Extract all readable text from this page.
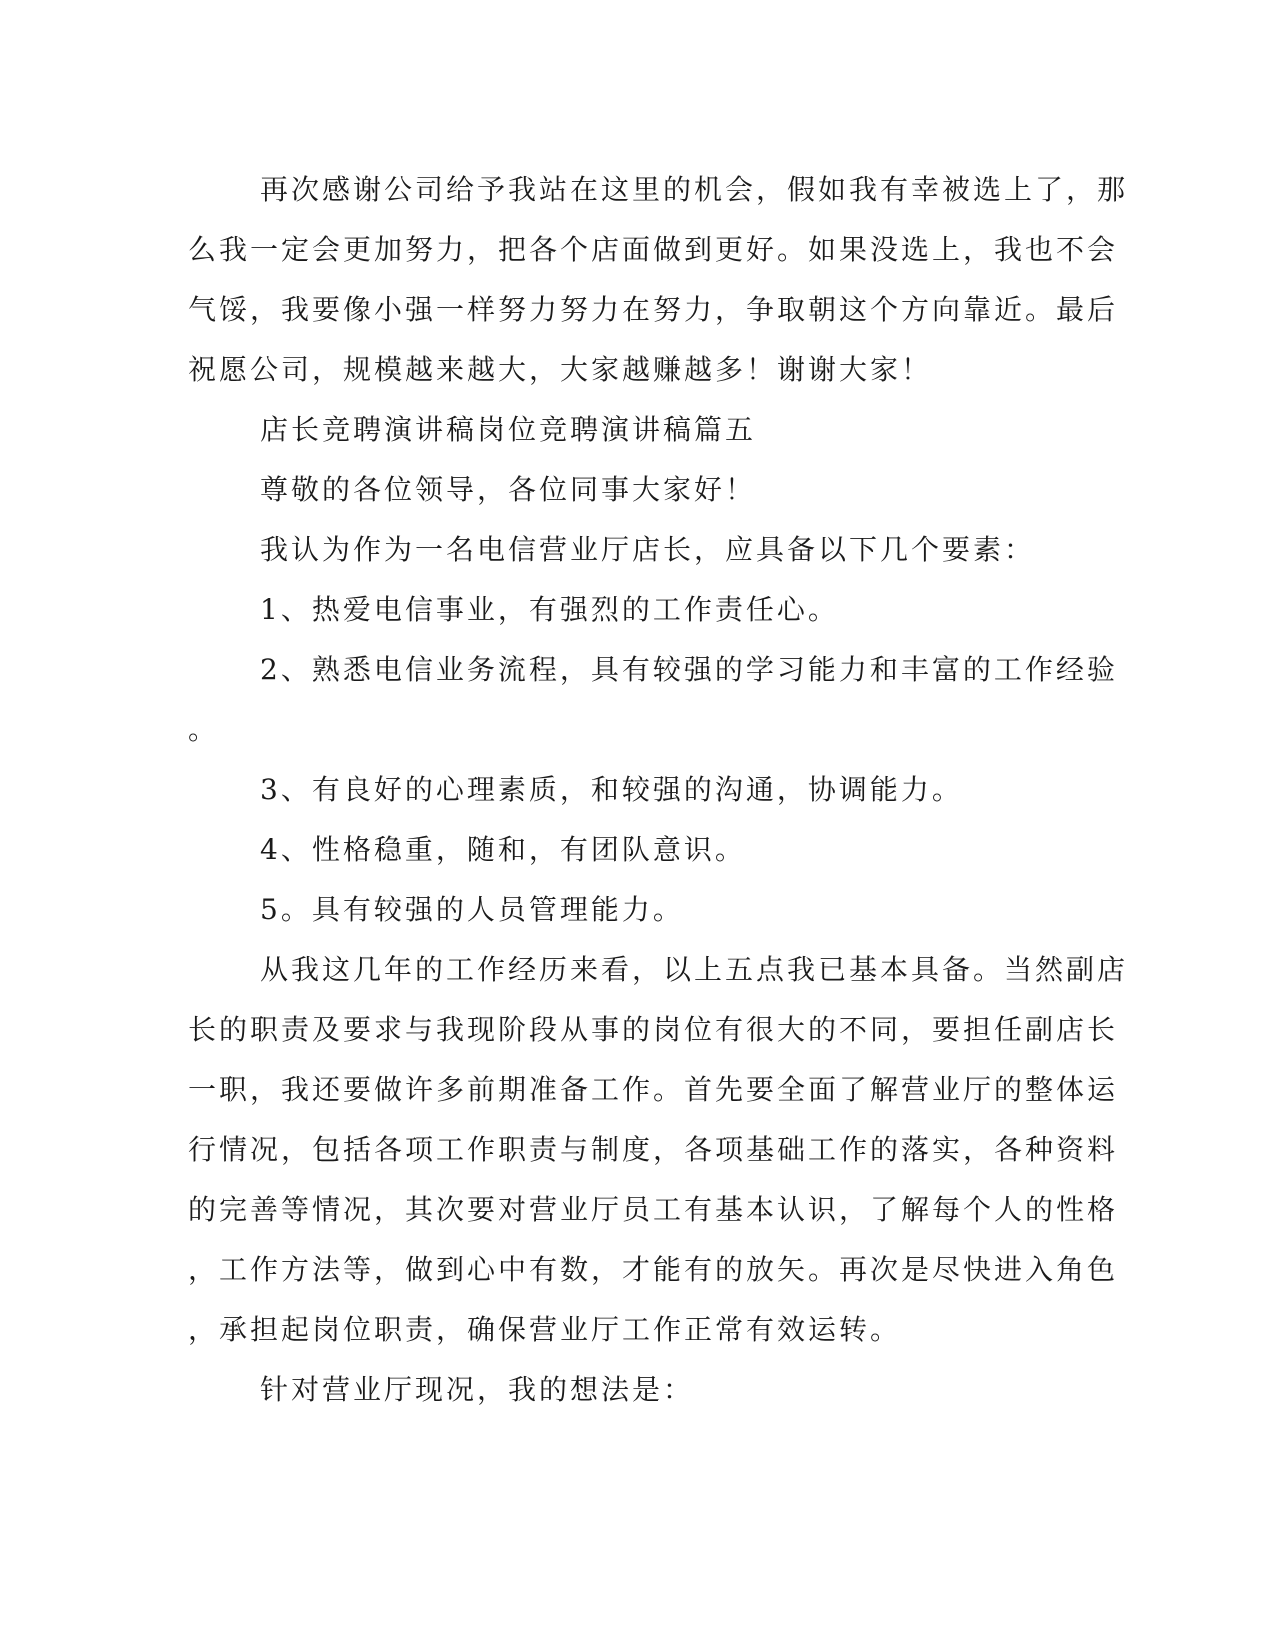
再次感谢公司给予我站在这里的机会，假如我有幸被选上了，那
么我一定会更加努力，把各个店面做到更好。如果没选上，我也不会
气馁，我要像小强一样努力努力在努力，争取朝这个方向靠近。最后
祝愿公司，规模越来越大，大家越赚越多！谢谢大家！
店长竞聘演讲稿岗位竞聘演讲稿篇五
尊敬的各位领导，各位同事大家好！
我认为作为一名电信营业厅店长，应具备以下几个要素：
1、热爱电信事业，有强烈的工作责任心。
2、熟悉电信业务流程，具有较强的学习能力和丰富的工作经验
。
3、有良好的心理素质，和较强的沟通，协调能力。
4、性格稳重，随和，有团队意识。
5。具有较强的人员管理能力。
从我这几年的工作经历来看，以上五点我已基本具备。当然副店
长的职责及要求与我现阶段从事的岗位有很大的不同，要担任副店长
一职，我还要做许多前期准备工作。首先要全面了解营业厅的整体运
行情况，包括各项工作职责与制度，各项基础工作的落实，各种资料
的完善等情况，其次要对营业厅员工有基本认识，了解每个人的性格
，工作方法等，做到心中有数，才能有的放矢。再次是尽快进入角色
，承担起岗位职责，确保营业厅工作正常有效运转。
针对营业厅现况，我的想法是：
